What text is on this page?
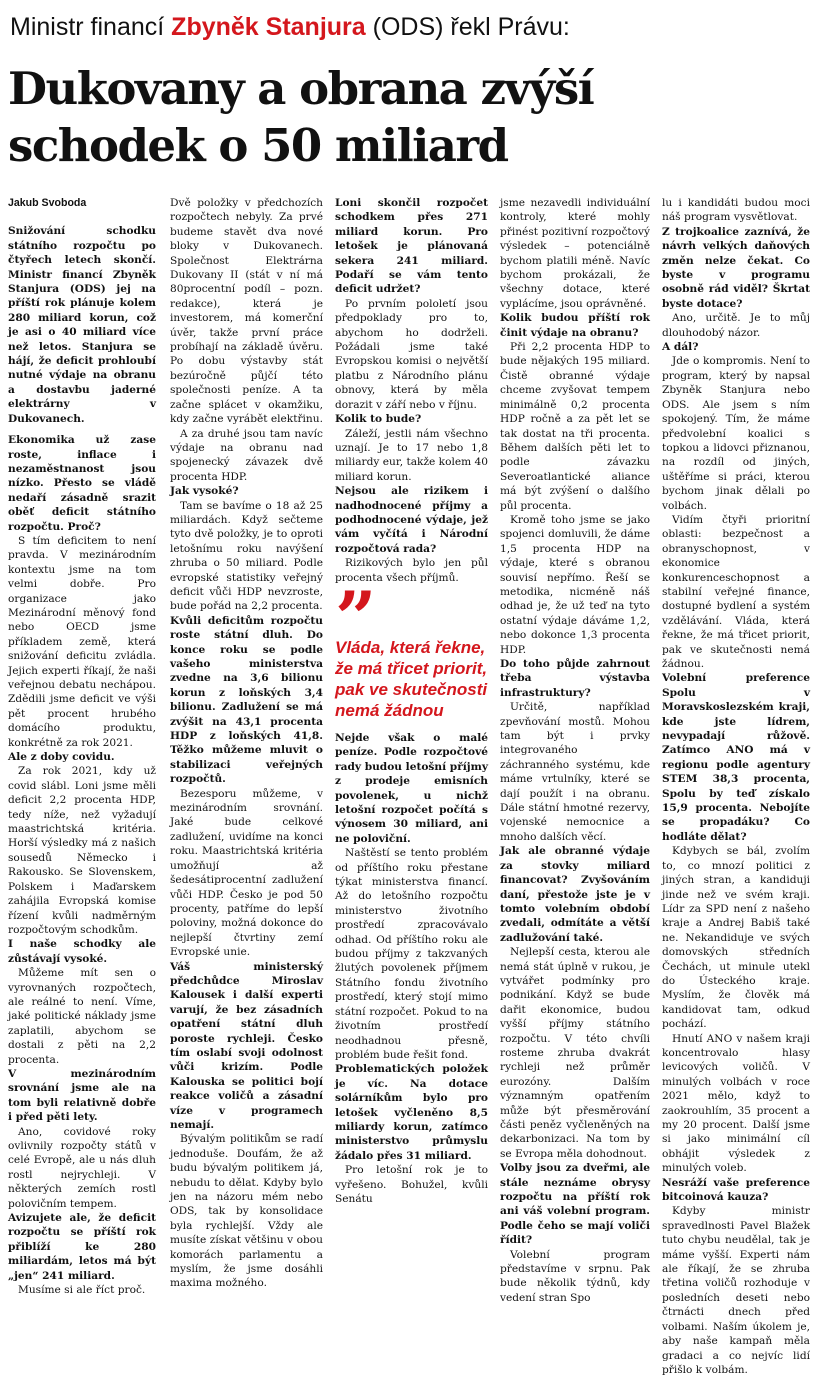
Ministr financí Zbyněk Stanjura (ODS) řekl Právu:
Dukovany a obrana zvýší
schodek o 50 miliard

Jakub Svoboda

Snižování schodku státního rozpočtu po čtyřech letech skončí. Ministr financí Zbyněk Stanjura (ODS) jej na příští rok plánuje kolem 280 miliard korun, což je asi o 40 miliard více než letos. Stanjura se hájí, že deficit prohloubí nutné výdaje na obranu a dostavbu jaderné elektrárny v Dukovanech.

Ekonomika už zase roste, inflace i nezaměstnanost jsou nízko. Přesto se vládě nedaří zásadně srazit oběť deficit státního rozpočtu. Proč?

S tím deficitem to není pravda. V mezinárodním kontextu jsme na tom velmi dobře. Pro organizace jako Mezinárodní měnový fond nebo OECD jsme příkladem země, která snižování deficitu zvládla. Jejich experti říkají, že naši veřejnou debatu nechápou. Zdědili jsme deficit ve výši pět procent hrubého domácího produktu, konkrétně za rok 2021.

Ale z doby covidu.

Za rok 2021, kdy už covid slábl. Loni jsme měli deficit 2,2 procenta HDP, tedy níže, než vyžadují maastrichtská kritéria. Horší výsledky má z našich sousedů Německo i Rakousko. Se Slovenskem, Polskem i Maďarskem zahájila Evropská komise řízení kvůli nadměrným rozpočtovým schodkům.

I naše schodky ale zůstávají vysoké.

Můžeme mít sen o vyrovnaných rozpočtech, ale reálné to není. Víme, jaké politické náklady jsme zaplatili, abychom se dostali z pěti na 2,2 procenta.

V mezinárodním srovnání jsme ale na tom byli relativně dobře i před pěti lety.

Ano, covidové roky ovlivnily rozpočty států v celé Evropě, ale u nás dluh rostl nejrychleji. V některých zemích rostl polovičním tempem.

Avizujete ale, že deficit rozpočtu se příští rok přiblíží ke 280 miliardám, letos má být „jen“ 241 miliard.

Musíme si ale říct proč.

Dvě položky v předchozích rozpočtech nebyly. Za prvé budeme stavět dva nové bloky v Dukovanech. Společnost Elektrárna Dukovany II (stát v ní má 80procentní podíl – pozn. redakce), která je investorem, má komerční úvěr, takže první práce probíhají na základě úvěru. Po dobu výstavby stát bezúročně půjčí této společnosti peníze. A ta začne splácet v okamžiku, kdy začne vyrábět elektřinu.

A za druhé jsou tam navíc výdaje na obranu nad spojenecký závazek dvě procenta HDP.

Jak vysoké?

Tam se bavíme o 18 až 25 miliardách. Když sečteme tyto dvě položky, je to oproti letošnímu roku navýšení zhruba o 50 miliard. Podle evropské statistiky veřejný deficit vůči HDP nevzroste, bude pořád na 2,2 procenta.

Kvůli deficitům rozpočtu roste státní dluh. Do konce roku se podle vašeho ministerstva zvedne na 3,6 bilionu korun z loňských 3,4 bilionu. Zadlužení se má zvýšit na 43,1 procenta HDP z loňských 41,8. Těžko můžeme mluvit o stabilizaci veřejných rozpočtů.

Bezesporu můžeme, v mezinárodním srovnání. Jaké bude celkové zadlužení, uvidíme na konci roku. Maastrichtská kritéria umožňují až šedesátiprocentní zadlužení vůči HDP. Česko je pod 50 procenty, patříme do lepší poloviny, možná dokonce do nejlepší čtvrtiny zemí Evropské unie.

Váš ministerský předchůdce Miroslav Kalousek i další experti varují, že bez zásadních opatření státní dluh poroste rychleji. Česko tím oslabí svoji odolnost vůči krizím. Podle Kalouska se politici bojí reakce voličů a zásadní víze v programech nemají.

Bývalým politikům se radí jednoduše. Doufám, že až budu bývalým politikem já, nebudu to dělat. Kdyby bylo jen na názoru mém nebo ODS, tak by konsolidace byla rychlejší. Vždy ale musíte získat většinu v obou komorách parlamentu a myslím, že jsme dosáhli maxima možného.

Loni skončil rozpočet schodkem přes 271 miliard korun. Pro letošek je plánovaná sekera 241 miliard. Podaří se vám tento deficit udržet?

Po prvním pololetí jsou předpoklady pro to, abychom ho dodrželi. Požádali jsme také Evropskou komisi o největší platbu z Národního plánu obnovy, která by měla dorazit v září nebo v říjnu.

Kolik to bude?

Záleží, jestli nám všechno uznají. Je to 17 nebo 1,8 miliardy eur, takže kolem 40 miliard korun.

Nejsou ale rizikem i nadhodnocené příjmy a podhodnocené výdaje, jež vám vyčítá i Národní rozpočtová rada?

Rizikových bylo jen půl procenta všech příjmů.

”
Vláda, která řekne, že má třicet priorit, pak ve skutečnosti nemá žádnou

Nejde však o malé peníze. Podle rozpočtové rady budou letošní příjmy z prodeje emisních povolenek, u nichž letošní rozpočet počítá s výnosem 30 miliard, ani ne poloviční.

Naštěstí se tento problém od příštího roku přestane týkat ministerstva financí. Až do letošního rozpočtu ministerstvo životního prostředí zpracovávalo odhad. Od příštího roku ale budou příjmy z takzvaných žlutých povolenek příjmem Státního fondu životního prostředí, který stojí mimo státní rozpočet. Pokud to na životním prostředí neodhadnou přesně, problém bude řešit fond.

Problematických položek je víc. Na dotace solárníkům bylo pro letošek vyčleněno 8,5 miliardy korun, zatímco ministerstvo průmyslu žádalo přes 31 miliard.

Pro letošní rok je to vyřešeno. Bohužel, kvůli Senátu

jsme nezavedli individuální kontroly, které mohly přinést pozitivní rozpočtový výsledek – potenciálně bychom platili méně. Navíc bychom prokázali, že všechny dotace, které vyplácíme, jsou oprávněné.

Kolik budou příští rok činit výdaje na obranu?

Při 2,2 procenta HDP to bude nějakých 195 miliard. Čistě obranné výdaje chceme zvyšovat tempem minimálně 0,2 procenta HDP ročně a za pět let se tak dostat na tři procenta. Během dalších pěti let to podle závazku Severoatlantické aliance má být zvýšení o dalšího půl procenta.

Kromě toho jsme se jako spojenci domluvili, že dáme 1,5 procenta HDP na výdaje, které s obranou souvisí nepřímo. Řeší se metodika, nicméně náš odhad je, že už teď na tyto ostatní výdaje dáváme 1,2, nebo dokonce 1,3 procenta HDP.

Do toho půjde zahrnout třeba výstavba infrastruktury?

Určitě, například zpevňování mostů. Mohou tam být i prvky integrovaného záchranného systému, kde máme vrtulníky, které se dají použít i na obranu. Dále státní hmotné rezervy, vojenské nemocnice a mnoho dalších věcí.

Jak ale obranné výdaje za stovky miliard financovat? Zvyšováním daní, přestože jste je v tomto volebním období zvedali, odmítáte a větší zadlužování také.

Nejlepší cesta, kterou ale nemá stát úplně v rukou, je vytvářet podmínky pro podnikání. Když se bude dařit ekonomice, budou vyšší příjmy státního rozpočtu. V této chvíli rosteme zhruba dvakrát rychleji než průměr eurozóny. Dalším významným opatřením může být přesměrování části peněz vyčleněných na dekarbonizaci. Na tom by se Evropa měla dohodnout.

Volby jsou za dveřmi, ale stále neznáme obrysy rozpočtu na příští rok ani váš volební program. Podle čeho se mají voliči řídit?

Volební program představíme v srpnu. Pak bude několik týdnů, kdy vedení stran Spo

lu i kandidáti budou moci náš program vysvětlovat.

Z trojkoalice zaznívá, že návrh velkých daňových změn nelze čekat. Co byste v programu osobně rád viděl? Škrtat byste dotace?

Ano, určitě. Je to můj dlouhodobý názor.

A dál?

Jde o kompromis. Není to program, který by napsal Zbyněk Stanjura nebo ODS. Ale jsem s ním spokojený. Tím, že máme předvolební koalici s topkou a lidovci přiznanou, na rozdíl od jiných, uštěříme si práci, kterou bychom jinak dělali po volbách.

Vidím čtyři prioritní oblasti: bezpečnost a obranyschopnost, v ekonomice konkurenceschopnost a stabilní veřejné finance, dostupné bydlení a systém vzdělávání. Vláda, která řekne, že má třicet priorit, pak ve skutečnosti nemá žádnou.

Volební preference Spolu v Moravskoslezském kraji, kde jste lídrem, nevypadají růžově. Zatímco ANO má v regionu podle agentury STEM 38,3 procenta, Spolu by teď získalo 15,9 procenta. Nebojíte se propadáku? Co hodláte dělat?

Kdybych se bál, zvolím to, co mnozí politici z jiných stran, a kandiduji jinde než ve svém kraji. Lídr za SPD není z našeho kraje a Andrej Babiš také ne. Nekandiduje ve svých domovských středních Čechách, ut minule utekl do Ústeckého kraje. Myslím, že člověk má kandidovat tam, odkud pochází.

Hnutí ANO v našem kraji koncentrovalo hlasy levicových voličů. V minulých volbách v roce 2021 mělo, když to zaokrouhlím, 35 procent a my 20 procent. Další jsme si jako minimální cíl obhájit výsledek z minulých voleb.

Nesráží vaše preference bitcoinová kauza?

Kdyby ministr spravedlnosti Pavel Blažek tuto chybu neudělal, tak je máme vyšší. Experti nám ale říkají, že se zhruba třetina voličů rozhoduje v posledních deseti nebo čtrnácti dnech před volbami. Naším úkolem je, aby naše kampaň měla gradaci a co nejvíc lidí přišlo k volbám.
